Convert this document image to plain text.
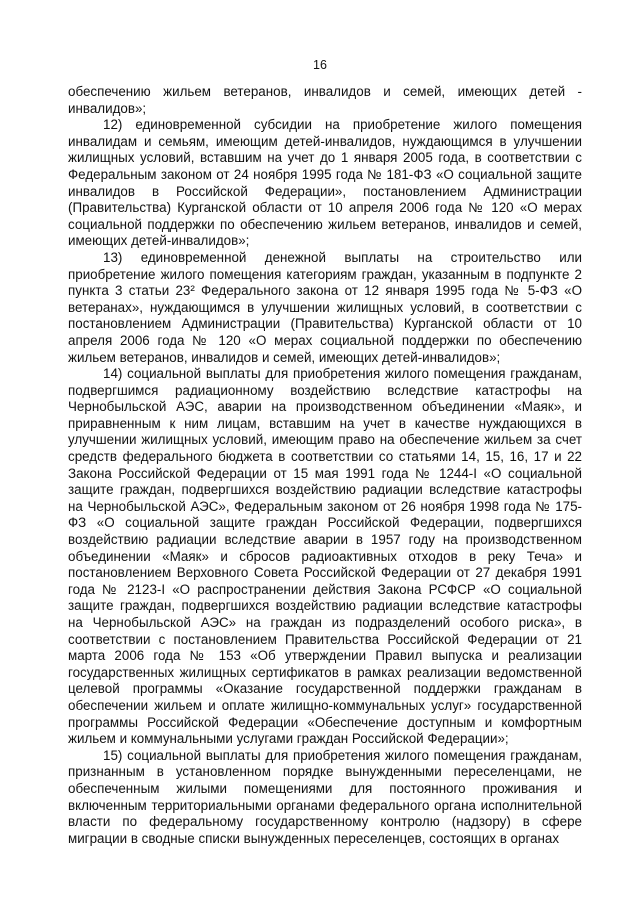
16

обеспечению жильем ветеранов, инвалидов и семей, имеющих детей - инвалидов»;

12) единовременной субсидии на приобретение жилого помещения инвалидам и семьям, имеющим детей-инвалидов, нуждающимся в улучшении жилищных условий, вставшим на учет до 1 января 2005 года, в соответствии с Федеральным законом от 24 ноября 1995 года № 181-ФЗ «О социальной защите инвалидов в Российской Федерации», постановлением Администрации (Правительства) Курганской области от 10 апреля 2006 года № 120 «О мерах социальной поддержки по обеспечению жильем ветеранов, инвалидов и семей, имеющих детей-инвалидов»;

13) единовременной денежной выплаты на строительство или приобретение жилого помещения категориям граждан, указанным в подпункте 2 пункта 3 статьи 23² Федерального закона от 12 января 1995 года № 5-ФЗ «О ветеранах», нуждающимся в улучшении жилищных условий, в соответствии с постановлением Администрации (Правительства) Курганской области от 10 апреля 2006 года № 120 «О мерах социальной поддержки по обеспечению жильем ветеранов, инвалидов и семей, имеющих детей-инвалидов»;

14) социальной выплаты для приобретения жилого помещения гражданам, подвергшимся радиационному воздействию вследствие катастрофы на Чернобыльской АЭС, аварии на производственном объединении «Маяк», и приравненным к ним лицам, вставшим на учет в качестве нуждающихся в улучшении жилищных условий, имеющим право на обеспечение жильем за счет средств федерального бюджета в соответствии со статьями 14, 15, 16, 17 и 22 Закона Российской Федерации от 15 мая 1991 года № 1244-I «О социальной защите граждан, подвергшихся воздействию радиации вследствие катастрофы на Чернобыльской АЭС», Федеральным законом от 26 ноября 1998 года № 175-ФЗ «О социальной защите граждан Российской Федерации, подвергшихся воздействию радиации вследствие аварии в 1957 году на производственном объединении «Маяк» и сбросов радиоактивных отходов в реку Теча» и постановлением Верховного Совета Российской Федерации от 27 декабря 1991 года № 2123-I «О распространении действия Закона РСФСР «О социальной защите граждан, подвергшихся воздействию радиации вследствие катастрофы на Чернобыльской АЭС» на граждан из подразделений особого риска», в соответствии с постановлением Правительства Российской Федерации от 21 марта 2006 года № 153 «Об утверждении Правил выпуска и реализации государственных жилищных сертификатов в рамках реализации ведомственной целевой программы «Оказание государственной поддержки гражданам в обеспечении жильем и оплате жилищно-коммунальных услуг» государственной программы Российской Федерации «Обеспечение доступным и комфортным жильем и коммунальными услугами граждан Российской Федерации»;

15) социальной выплаты для приобретения жилого помещения гражданам, признанным в установленном порядке вынужденными переселенцами, не обеспеченным жилыми помещениями для постоянного проживания и включенным территориальными органами федерального органа исполнительной власти по федеральному государственному контролю (надзору) в сфере миграции в сводные списки вынужденных переселенцев, состоящих в органах
